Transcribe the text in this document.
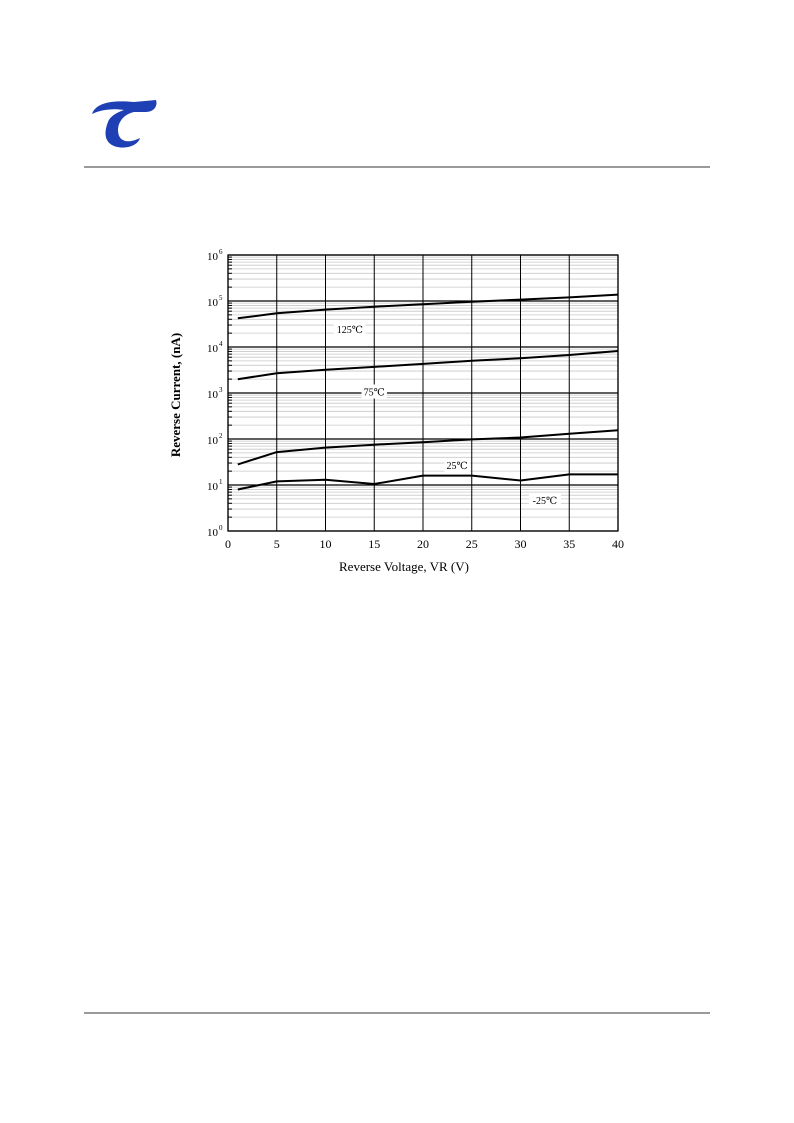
125℃
75℃
25℃
-25℃
0	5	10	15	20	25	30	35	40
10 0
10 1
10 2
10 3
10 4
10 5
10 6
Reverse Voltage, VR (V)
Reverse Current, (nA)
